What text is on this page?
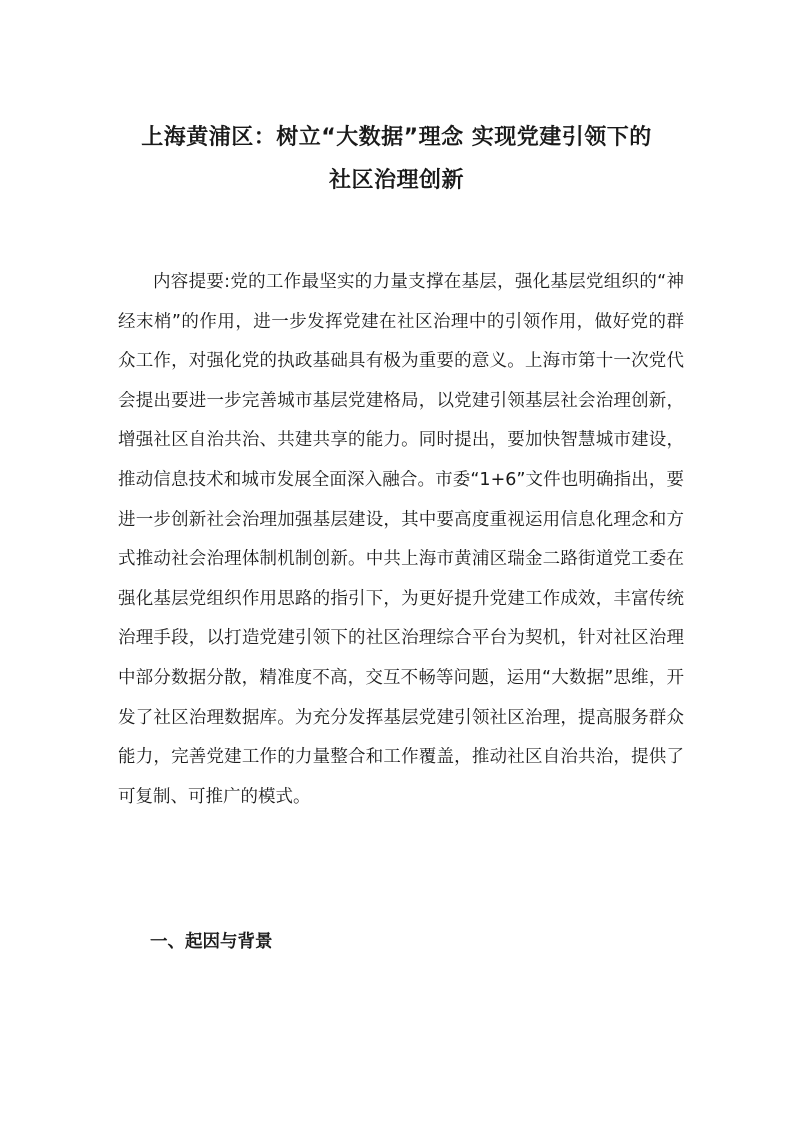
上海黄浦区：树立“大数据”理念 实现党建引领下的
社区治理创新

内容提要:党的工作最坚实的力量支撑在基层，强化基层党组织的“神经末梢”的作用，进一步发挥党建在社区治理中的引领作用，做好党的群众工作，对强化党的执政基础具有极为重要的意义。上海市第十一次党代会提出要进一步完善城市基层党建格局，以党建引领基层社会治理创新，增强社区自治共治、共建共享的能力。同时提出，要加快智慧城市建设，推动信息技术和城市发展全面深入融合。市委“1+6”文件也明确指出，要进一步创新社会治理加强基层建设，其中要高度重视运用信息化理念和方式推动社会治理体制机制创新。中共上海市黄浦区瑞金二路街道党工委在强化基层党组织作用思路的指引下，为更好提升党建工作成效，丰富传统治理手段，以打造党建引领下的社区治理综合平台为契机，针对社区治理中部分数据分散，精准度不高，交互不畅等问题，运用“大数据”思维，开发了社区治理数据库。为充分发挥基层党建引领社区治理，提高服务群众能力，完善党建工作的力量整合和工作覆盖，推动社区自治共治，提供了可复制、可推广的模式。

一、起因与背景
